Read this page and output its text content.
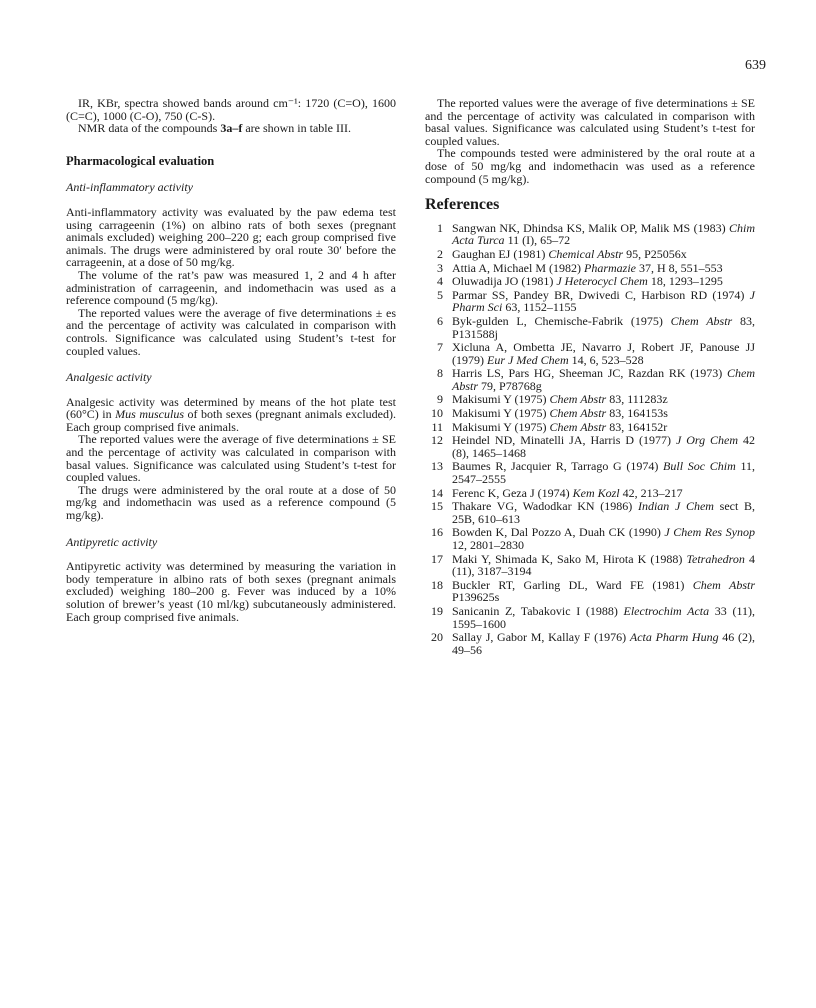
639

IR, KBr, spectra showed bands around cm⁻¹: 1720 (C=O), 1600 (C=C), 1000 (C-O), 750 (C-S).

NMR data of the compounds 3a–f are shown in table III.

Pharmacological evaluation
Anti-inflammatory activity

Anti-inflammatory activity was evaluated by the paw edema test using carrageenin (1%) on albino rats of both sexes (pregnant animals excluded) weighing 200–220 g; each group comprised five animals. The drugs were administered by oral route 30′ before the carrageenin, at a dose of 50 mg/kg.

The volume of the rat’s paw was measured 1, 2 and 4 h after administration of carrageenin, and indomethacin was used as a reference compound (5 mg/kg).

The reported values were the average of five determinations ± es and the percentage of activity was calculated in comparison with controls. Significance was calculated using Student’s t-test for coupled values.

Analgesic activity

Analgesic activity was determined by means of the hot plate test (60°C) in Mus musculus of both sexes (pregnant animals excluded). Each group comprised five animals.

The reported values were the average of five determinations ± SE and the percentage of activity was calculated in comparison with basal values. Significance was calculated using Student’s t-test for coupled values.

The drugs were administered by the oral route at a dose of 50 mg/kg and indomethacin was used as a reference compound (5 mg/kg).

Antipyretic activity

Antipyretic activity was determined by measuring the variation in body temperature in albino rats of both sexes (pregnant animals excluded) weighing 180–200 g. Fever was induced by a 10% solution of brewer’s yeast (10 ml/kg) subcutaneously administered. Each group comprised five animals.

The reported values were the average of five determinations ± SE and the percentage of activity was calculated in comparison with basal values. Significance was calculated using Student’s t-test for coupled values.

The compounds tested were administered by the oral route at a dose of 50 mg/kg and indomethacin was used as a reference compound (5 mg/kg).

References
1 Sangwan NK, Dhindsa KS, Malik OP, Malik MS (1983) Chim Acta Turca 11 (I), 65–72
2 Gaughan EJ (1981) Chemical Abstr 95, P25056x
3 Attia A, Michael M (1982) Pharmazie 37, H 8, 551–553
4 Oluwadija JO (1981) J Heterocycl Chem 18, 1293–1295
5 Parmar SS, Pandey BR, Dwivedi C, Harbison RD (1974) J Pharm Sci 63, 1152–1155
6 Byk-gulden L, Chemische-Fabrik (1975) Chem Abstr 83, P131588j
7 Xicluna A, Ombetta JE, Navarro J, Robert JF, Panouse JJ (1979) Eur J Med Chem 14, 6, 523–528
8 Harris LS, Pars HG, Sheeman JC, Razdan RK (1973) Chem Abstr 79, P78768g
9 Makisumi Y (1975) Chem Abstr 83, 111283z
10 Makisumi Y (1975) Chem Abstr 83, 164153s
11 Makisumi Y (1975) Chem Abstr 83, 164152r
12 Heindel ND, Minatelli JA, Harris D (1977) J Org Chem 42 (8), 1465–1468
13 Baumes R, Jacquier R, Tarrago G (1974) Bull Soc Chim 11, 2547–2555
14 Ferenc K, Geza J (1974) Kem Kozl 42, 213–217
15 Thakare VG, Wadodkar KN (1986) Indian J Chem sect B, 25B, 610–613
16 Bowden K, Dal Pozzo A, Duah CK (1990) J Chem Res Synop 12, 2801–2830
17 Maki Y, Shimada K, Sako M, Hirota K (1988) Tetrahedron 4 (11), 3187–3194
18 Buckler RT, Garling DL, Ward FE (1981) Chem Abstr P139625s
19 Sanicanin Z, Tabakovic I (1988) Electrochim Acta 33 (11), 1595–1600
20 Sallay J, Gabor M, Kallay F (1976) Acta Pharm Hung 46 (2), 49–56
